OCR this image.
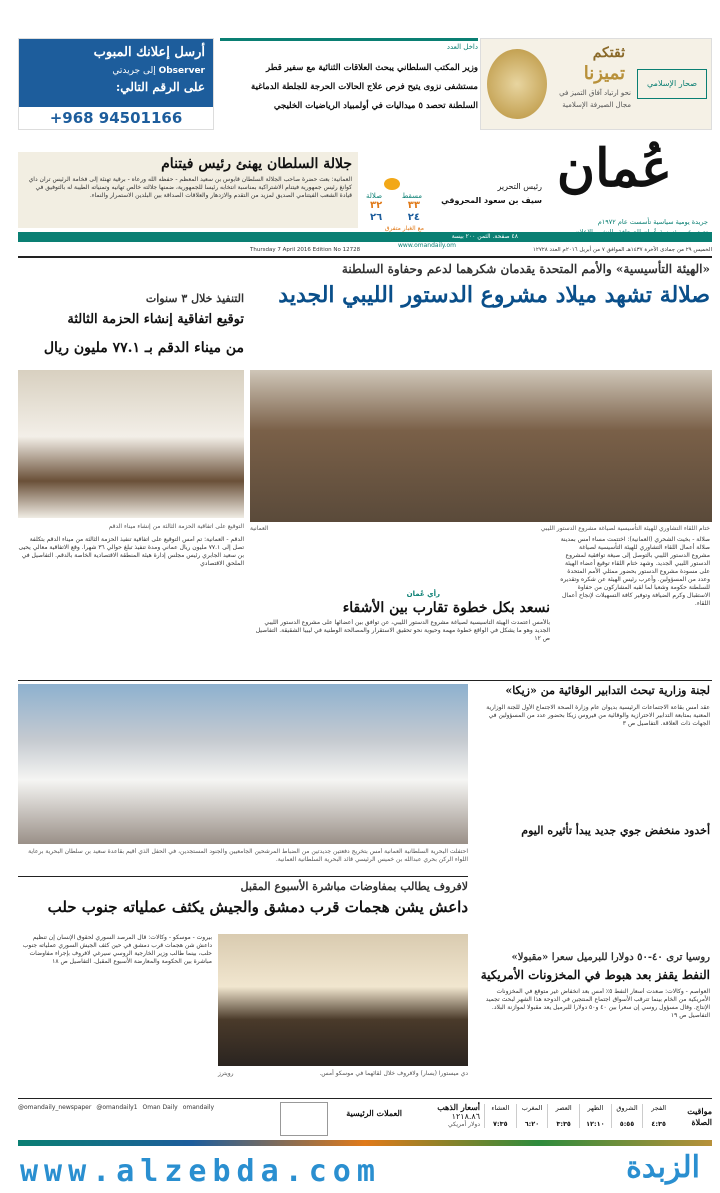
ثقتكم
تميزنا
نحو ارتياد آفاق التميز في
مجال الصيرفة الإسلامية
صحار الإسلامي
داخل العدد
وزير المكتب السلطاني يبحث العلاقات الثنائية مع سفير قطر
مستشفى نزوى يتيح فرص علاج الحالات الحرجة للجلطة الدماغية
السلطنة تحصد ٥ ميداليات في أولمبياد الرياضيات الخليجي
أرسل إعلانك المبوب
Observer إلى جريدتي
على الرقم التالي:
+968 94501166
عُمان
جريدة يومية سياسية تأسست عام ١٩٧٢م
رئيس التحرير
سيف بن سعود المحروقي
مسقط
صلالة
٣٣
٣٢
٢٤
٢٦
مع الغبار متفرق
جلالة السلطان يهنئ رئيس فيتنام
العمانية: بعث حضرة صاحب الجلالة السلطان قابوس بن سعيد المعظم - حفظه الله ورعاه - برقية تهنئة إلى فخامة الرئيس تران داي كوانغ رئيس جمهورية فيتنام الاشتراكية بمناسبة انتخابه رئيسا للجمهورية، ضمنها جلالته خالص تهانيه وتمنياته الطيبة له بالتوفيق في قيادة الشعب الفيتنامي الصديق لمزيد من التقدم والازدهار والعلاقات الصداقة بين البلدين الاستمرار والنماء.
٤٨ صفحة. الثمن ٢٠٠ بيسة
www.omandaily.om
الخميس ٢٩ من جمادى الآخرة ١٤٣٧هـ الموافق ٧ من أبريل ٢٠١٦م العدد ١٢٧٢٨
Thursday 7 April 2016 Edition No 12728
«الهيئة التأسيسية» والأمم المتحدة يقدمان شكرهما لدعم وحفاوة السلطنة
صلالة تشهد ميلاد مشروع الدستور الليبي الجديد
ختام اللقاء التشاوري للهيئة التأسيسية لصياغة مشروع الدستور الليبي
العمانية
صلالة - بخيت الشحري (العمانية): اختتمت مساء أمس بمدينة صلالة أعمال اللقاء التشاوري للهيئة التأسيسية لصياغة مشروع الدستور الليبي بالتوصل إلى صيغة توافقية لمشروع الدستور الليبي الجديد. وشهد ختام اللقاء توقيع أعضاء الهيئة على مسودة مشروع الدستور بحضور ممثلي الأمم المتحدة وعدد من المسؤولين. وأعرب رئيس الهيئة عن شكره وتقديره للسلطنة حكومة وشعبا لما لقيه المشاركون من حفاوة الاستقبال وكرم الضيافة وتوفير كافة التسهيلات لإنجاح أعمال اللقاء.
رأي عُمان
نسعد بكل خطوة تقارب بين الأشقاء
بالأمس اعتمدت الهيئة التأسيسية لصياغة مشروع الدستور الليبي، عن توافق بين أعضائها على مشروع الدستور الليبي الجديد وهو ما يشكل في الواقع خطوة مهمة وحيوية نحو تحقيق الاستقرار والمصالحة الوطنية في ليبيا الشقيقة. التفاصيل ص ١٢
التنفيذ خلال ٣ سنوات
توقيع اتفاقية إنشاء الحزمة الثالثة
من ميناء الدقم بـ ٧٧.١ مليون ريال
التوقيع على اتفاقية الحزمة الثالثة من إنشاء ميناء الدقم
الدقم - العمانية: تم أمس التوقيع على اتفاقية تنفيذ الحزمة الثالثة من ميناء الدقم بتكلفة تصل إلى ٧٧.١ مليون ريال عماني ومدة تنفيذ تبلغ حوالي ٣٦ شهرا. وقع الاتفاقية معالي يحيى بن سعيد الجابري رئيس مجلس إدارة هيئة المنطقة الاقتصادية الخاصة بالدقم. التفاصيل في الملحق الاقتصادي
لجنة وزارية تبحث التدابير الوقائية من «زيكا»
عقد أمس بقاعة الاجتماعات الرئيسية بديوان عام وزارة الصحة الاجتماع الأول للجنة الوزارية المعنية بمتابعة التدابير الاحترازية والوقائية من فيروس زيكا بحضور عدد من المسؤولين في الجهات ذات العلاقة. التفاصيل ص ٣
أخدود منخفض جوي جديد يبدأ تأثيره اليوم
احتفلت البحرية السلطانية العمانية أمس بتخريج دفعتين جديدتين من الضباط المرشحين الجامعيين والجنود المستجدين، في الحفل الذي أقيم بقاعدة سعيد بن سلطان البحرية برعاية اللواء الركن بحري عبدالله بن خميس الرئيسي قائد البحرية السلطانية العمانية.
لافروف يطالب بمفاوضات مباشرة الأسبوع المقبل
داعش يشن هجمات قرب دمشق والجيش يكثف عملياته جنوب حلب
دي ميستورا (يسار) ولافروف خلال لقائهما في موسكو أمس.
رويترز
بيروت - موسكو - وكالات: قال المرصد السوري لحقوق الإنسان إن تنظيم داعش شن هجمات قرب دمشق في حين كثف الجيش السوري عملياته جنوب حلب، بينما طالب وزير الخارجية الروسي سيرغي لافروف بإجراء مفاوضات مباشرة بين الحكومة والمعارضة الأسبوع المقبل. التفاصيل ص ١٨	روسيا ترى ٤٠-٥٠ دولارا للبرميل سعرا «مقبولا»
النفط يقفز بعد هبوط في المخزونات الأمريكية
العواصم - وكالات: صعدت أسعار النفط ٥٪ أمس بعد انخفاض غير متوقع في المخزونات الأمريكية من الخام بينما تترقب الأسواق اجتماع المنتجين في الدوحة هذا الشهر لبحث تجميد الإنتاج. وقال مسؤول روسي إن سعرا بين ٤٠ و٥٠ دولارا للبرميل يعد مقبولا لموازنة البلاد. التفاصيل ص ١٩
مواقيت الصلاة
الفجر
٤:٣٥
الشروق
٥:٥٥
الظهر
١٢:١٠
العصر
٣:٣٥
المغرب
٦:٢٠
العشاء
٧:٣٥
أسعار الذهب
١٢١٨.٨٦
دولار أمريكي
العملات الرئيسية
@omandaily_newspaper @omandaily1 Oman Daily omandaily
www.alzebda.com	الزبدة
